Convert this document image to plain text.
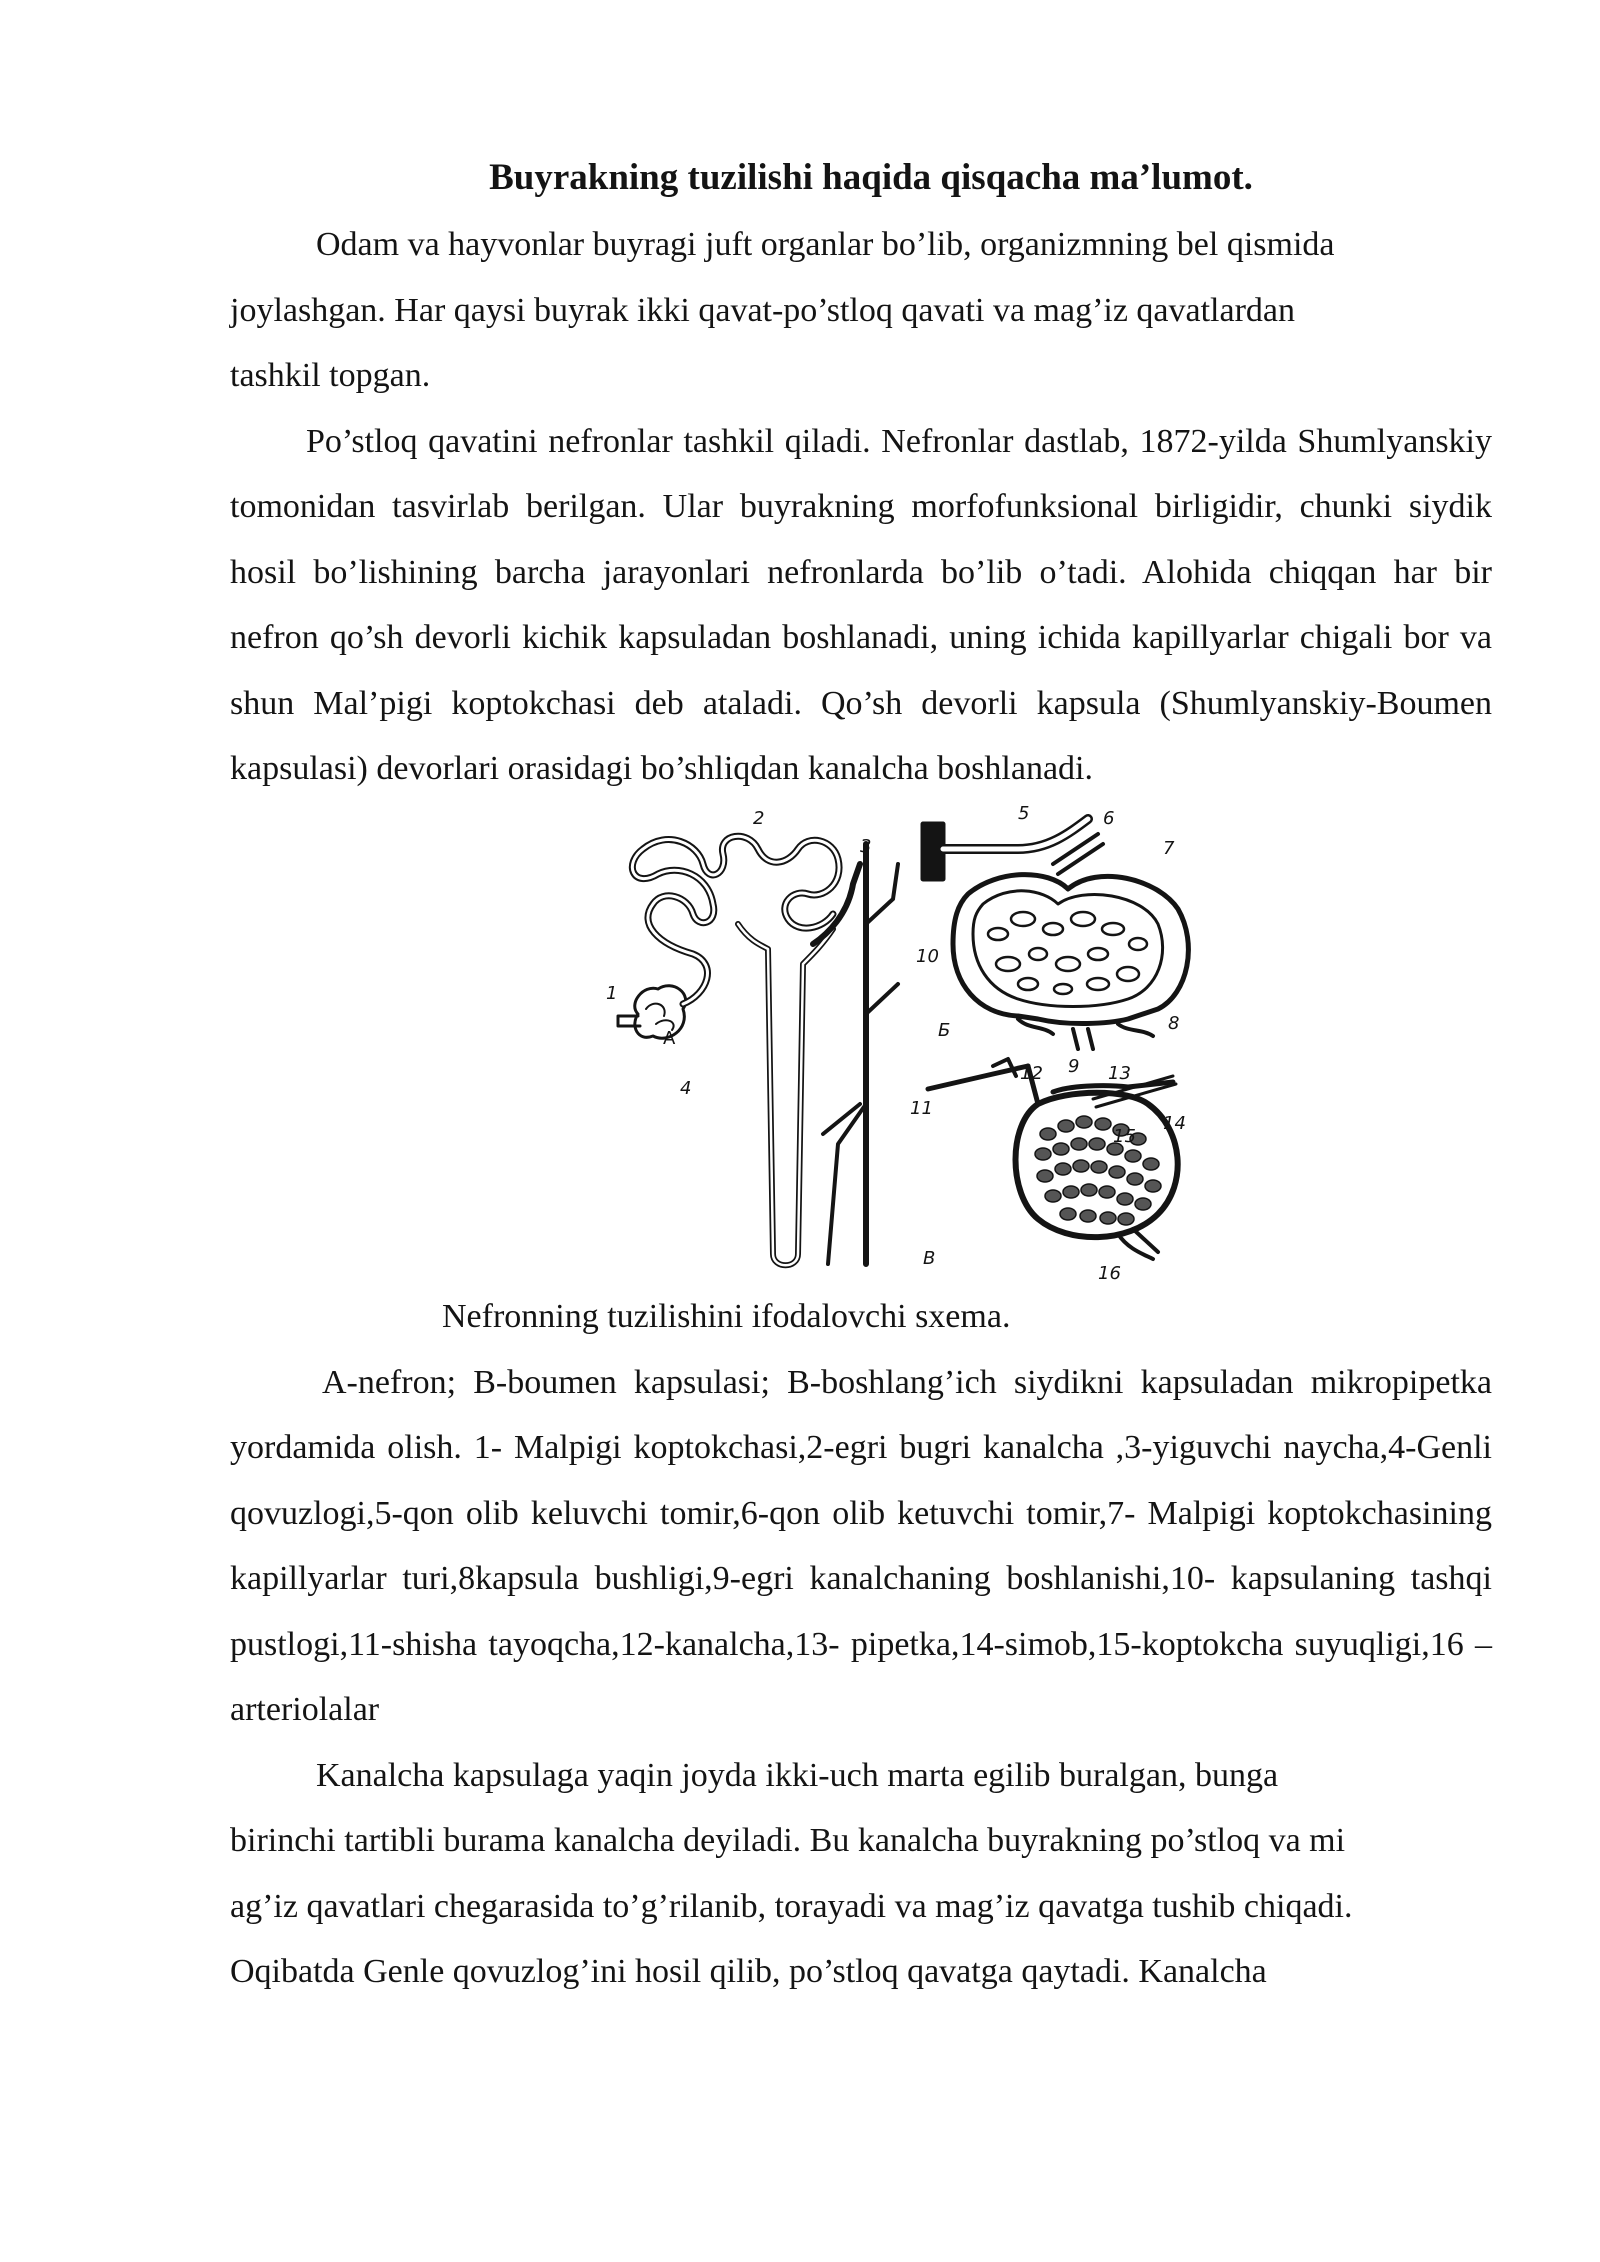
Buyrakning tuzilishi haqida qisqacha ma’lumot.

Odam va hayvonlar buyragi juft organlar bo’lib, organizmning bel qismida
joylashgan. Har qaysi buyrak ikki qavat-po’stloq qavati va mag’iz qavatlardan
tashkil topgan.

Po’stloq qavatini nefronlar tashkil qiladi. Nefronlar dastlab, 1872-yilda Shumlyanskiy tomonidan tasvirlab berilgan. Ular buyrakning morfofunksional birligidir, chunki siydik hosil bo’lishining barcha jarayonlari nefronlarda bo’lib o’tadi. Alohida chiqqan har bir nefron qo’sh devorli kichik kapsuladan boshlanadi, uning ichida kapillyarlar chigali bor va shun Mal’pigi koptokchasi deb ataladi. Qo’sh devorli kapsula (Shumlyanskiy-Boumen kapsulasi) devorlari orasidagi bo’shliqdan kanalcha boshlanadi.

1
2
3
4
5	6
7
8
9
10
11
12	13
14
15
16
A	Б
В

Nefronning tuzilishini ifodalovchi sxema.

A-nefron; B-boumen kapsulasi; B-boshlang’ich siydikni kapsuladan mikropipetka yordamida olish. 1- Malpigi koptokchasi,2-egri bugri kanalcha ,3-yiguvchi naycha,4-Genli qovuzlogi,5-qon olib keluvchi tomir,6-qon olib ketuvchi tomir,7- Malpigi koptokchasining kapillyarlar turi,8kapsula bushligi,9-egri kanalchaning boshlanishi,10- kapsulaning tashqi pustlogi,11-shisha tayoqcha,12-kanalcha,13- pipetka,14-simob,15-koptokcha suyuqligi,16 –arteriolalar

Kanalcha kapsulaga yaqin joyda ikki-uch marta egilib buralgan, bunga
birinchi tartibli burama kanalcha deyiladi. Bu kanalcha buyrakning po’stloq va mi
ag’iz qavatlari chegarasida to’g’rilanib, torayadi va mag’iz qavatga tushib chiqadi.
Oqibatda Genle qovuzlog’ini hosil qilib, po’stloq qavatga qaytadi. Kanalcha
